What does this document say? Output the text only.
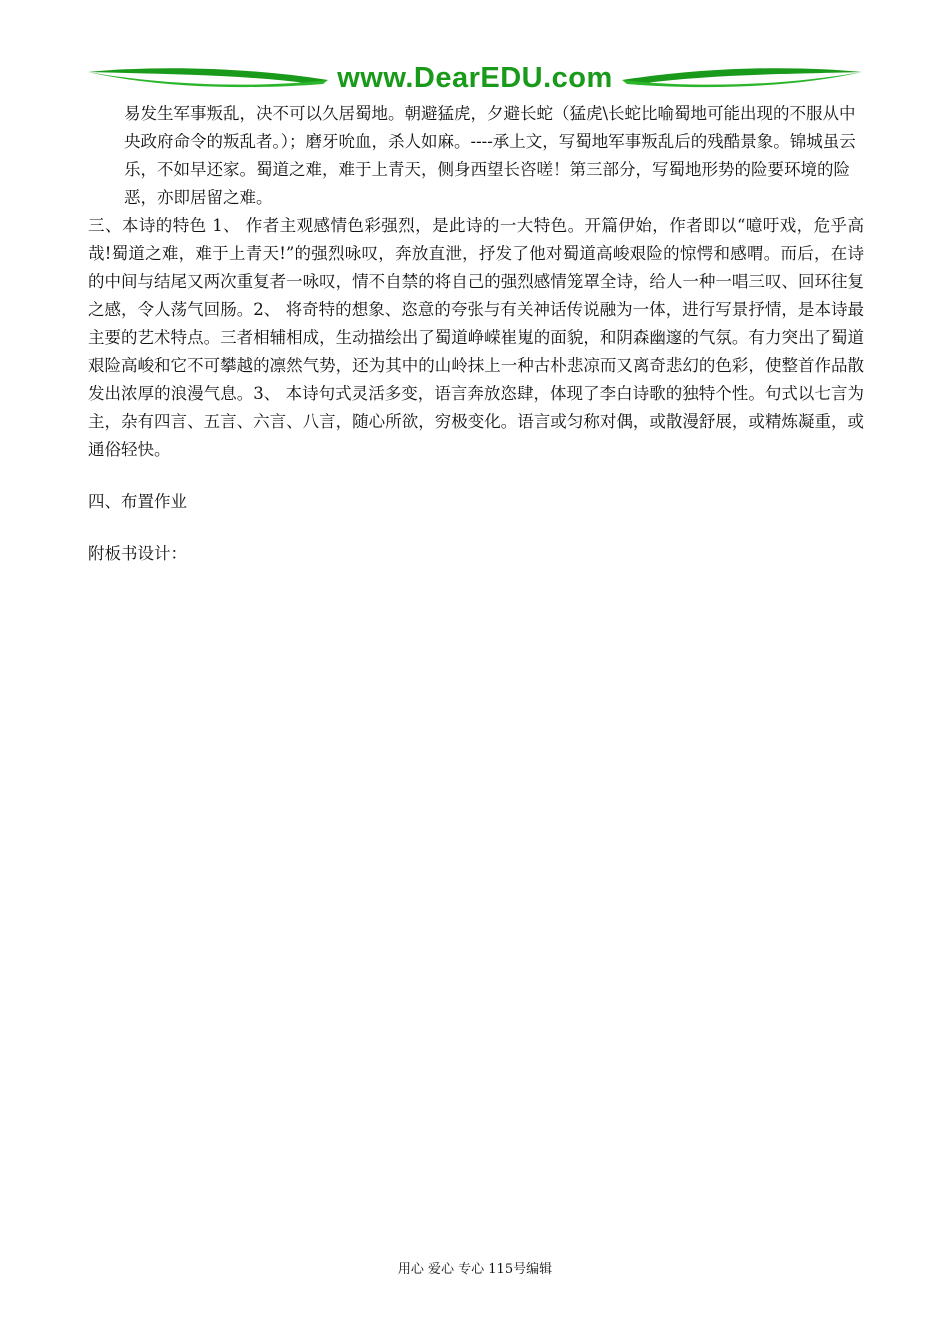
www.DearEDU.com

易发生军事叛乱，决不可以久居蜀地。朝避猛虎，夕避长蛇（猛虎\长蛇比喻蜀地可能出现的不服从中央政府命令的叛乱者。）；磨牙吮血，杀人如麻。----承上文，写蜀地军事叛乱后的残酷景象。锦城虽云乐，不如早还家。蜀道之难，难于上青天，侧身西望长咨嗟！第三部分，写蜀地形势的险要环境的险恶，亦即居留之难。

三、本诗的特色 1、 作者主观感情色彩强烈，是此诗的一大特色。开篇伊始，作者即以“噫吁戏，危乎高哉!蜀道之难，难于上青天!”的强烈咏叹，奔放直泄，抒发了他对蜀道高峻艰险的惊愕和感喟。而后，在诗的中间与结尾又两次重复者一咏叹，情不自禁的将自己的强烈感情笼罩全诗，给人一种一唱三叹、回环往复之感，令人荡气回肠。2、 将奇特的想象、恣意的夸张与有关神话传说融为一体，进行写景抒情，是本诗最主要的艺术特点。三者相辅相成，生动描绘出了蜀道峥嵘崔嵬的面貌，和阴森幽邃的气氛。有力突出了蜀道艰险高峻和它不可攀越的凛然气势，还为其中的山岭抹上一种古朴悲凉而又离奇悲幻的色彩，使整首作品散发出浓厚的浪漫气息。3、 本诗句式灵活多变，语言奔放恣肆，体现了李白诗歌的独特个性。句式以七言为主，杂有四言、五言、六言、八言，随心所欲，穷极变化。语言或匀称对偶，或散漫舒展，或精炼凝重，或通俗轻快。

四、布置作业

附板书设计：

用心 爱心 专心 115号编辑
